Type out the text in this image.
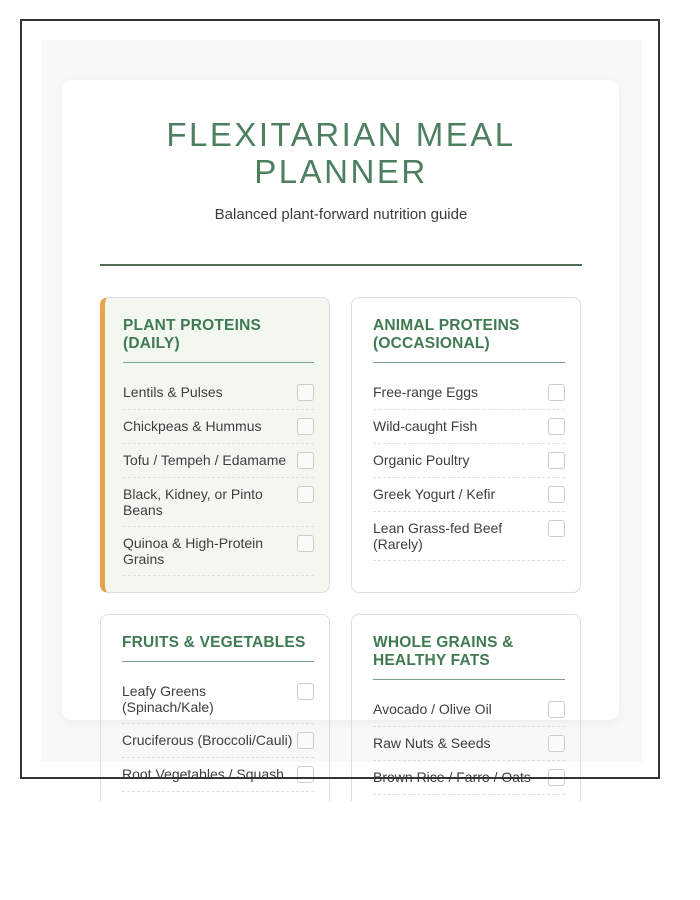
FLEXITARIAN MEAL PLANNER

Balanced plant-forward nutrition guide

PLANT PROTEINS (DAILY)
Lentils & Pulses
Chickpeas & Hummus
Tofu / Tempeh / Edamame
Black, Kidney, or Pinto Beans
Quinoa & High-Protein Grains
ANIMAL PROTEINS (OCCASIONAL)
Free-range Eggs
Wild-caught Fish
Organic Poultry
Greek Yogurt / Kefir
Lean Grass-fed Beef (Rarely)
FRUITS & VEGETABLES
Leafy Greens (Spinach/Kale)
Cruciferous (Broccoli/Cauli)
Root Vegetables / Squash
WHOLE GRAINS & HEALTHY FATS
Avocado / Olive Oil
Raw Nuts & Seeds
Brown Rice / Farro / Oats
